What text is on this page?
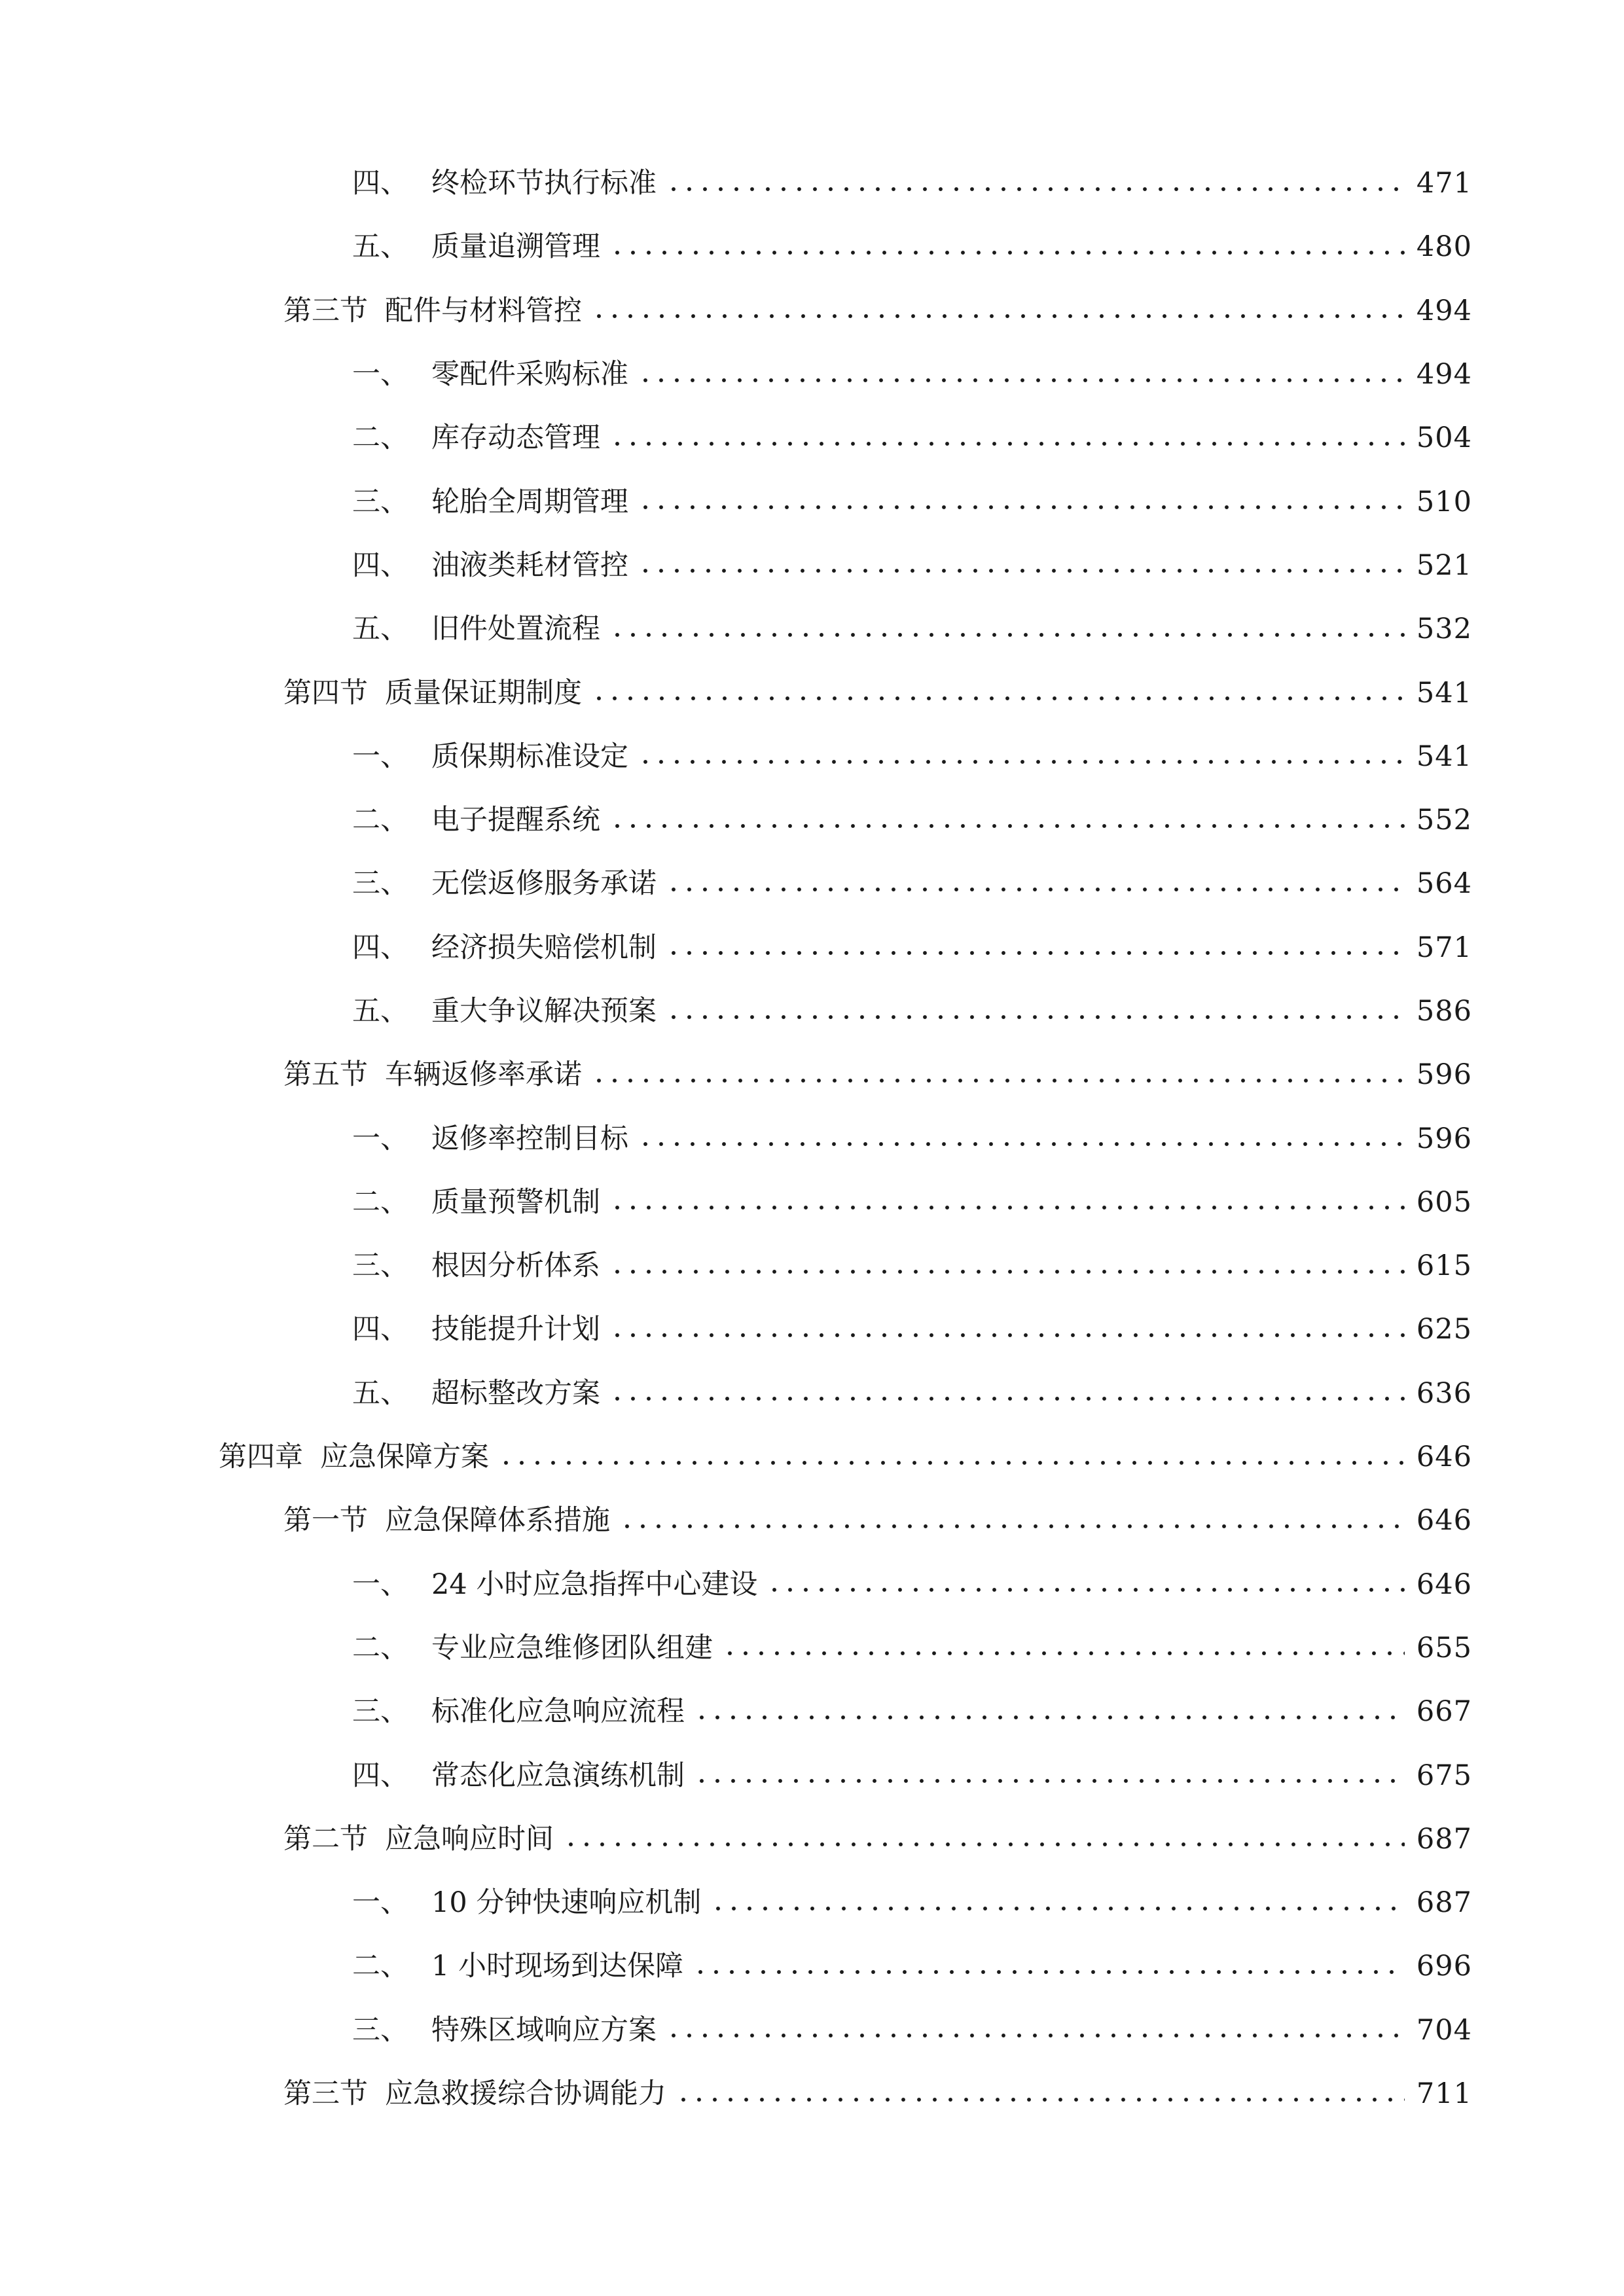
四、 终检环节执行标准	471
五、 质量追溯管理	480
第三节 配件与材料管控	494
一、 零配件采购标准	494
二、 库存动态管理	504
三、 轮胎全周期管理	510
四、 油液类耗材管控	521
五、 旧件处置流程	532
第四节 质量保证期制度	541
一、 质保期标准设定	541
二、 电子提醒系统	552
三、 无偿返修服务承诺	564
四、 经济损失赔偿机制	571
五、 重大争议解决预案	586
第五节 车辆返修率承诺	596
一、 返修率控制目标	596
二、 质量预警机制	605
三、 根因分析体系	615
四、 技能提升计划	625
五、 超标整改方案	636
第四章 应急保障方案	646
第一节 应急保障体系措施	646
一、 24 小时应急指挥中心建设	646
二、 专业应急维修团队组建	655
三、 标准化应急响应流程	667
四、 常态化应急演练机制	675
第二节 应急响应时间	687
一、 10 分钟快速响应机制	687
二、 1 小时现场到达保障	696
三、 特殊区域响应方案	704
第三节 应急救援综合协调能力	711
